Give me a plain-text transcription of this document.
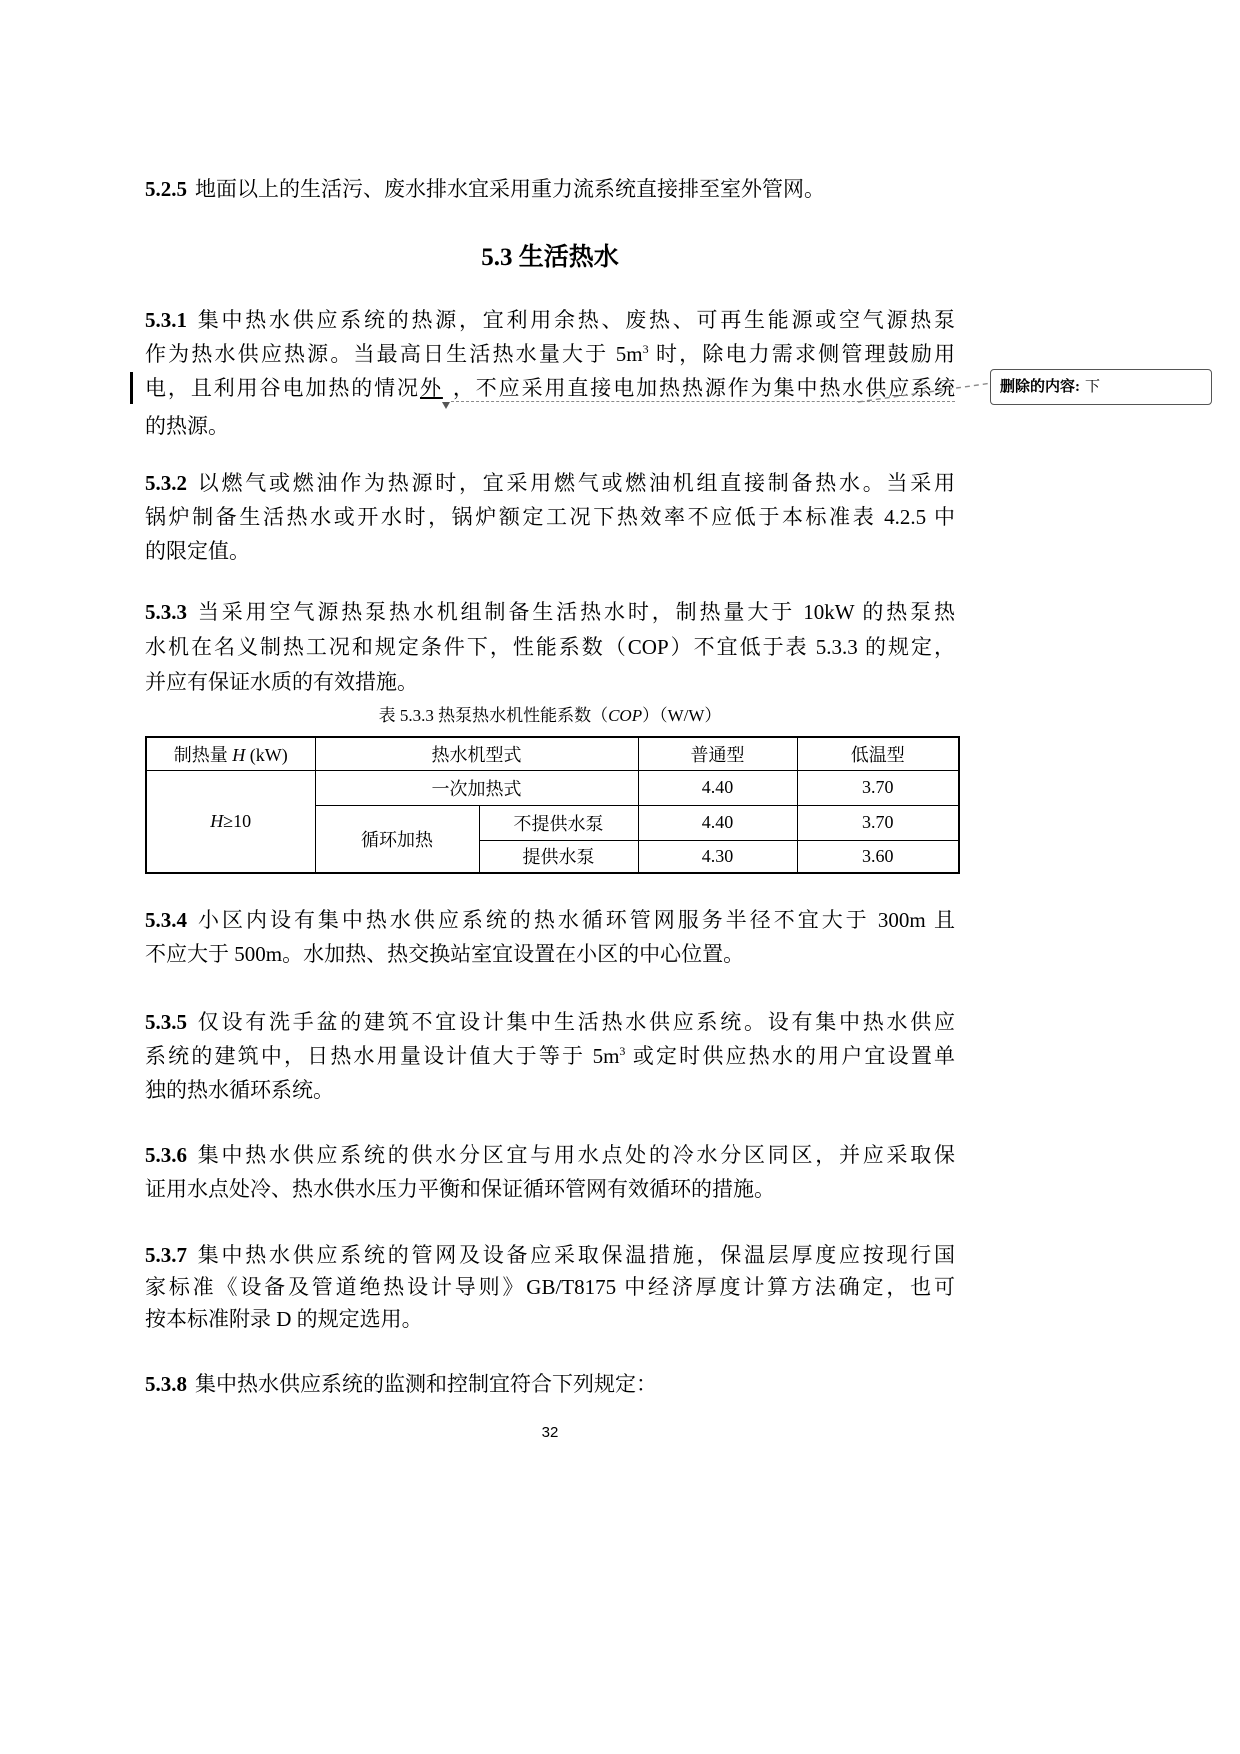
5.2.5 地面以上的生活污、废水排水宜采用重力流系统直接排至室外管网。
5.3 生活热水
5.3.1 集中热水供应系统的热源，宜利用余热、废热、可再生能源或空气源热泵
作为热水供应热源。当最高日生活热水量大于 $5m^3$ 时，除电力需求侧管理鼓励用
电，且利用谷电加热的情况外 ，不应采用直接电加热热源作为集中热水供应系统
的热源。
删除的内容: 下
5.3.2 以燃气或燃油作为热源时，宜采用燃气或燃油机组直接制备热水。当采用
锅炉制备生活热水或开水时，锅炉额定工况下热效率不应低于本标准表 4.2.5 中
的限定值。
5.3.3 当采用空气源热泵热水机组制备生活热水时，制热量大于 10kW 的热泵热
水机在名义制热工况和规定条件下，性能系数（COP）不宜低于表 5.3.3 的规定，
并应有保证水质的有效措施。
表 5.3.3 热泵热水机性能系数（COP）（W/W）
制热量 H (kW)	热水机型式		普通型	低温型
H≥10	一次加热式		4.40	3.70
	循环加热	不提供水泵	4.40	3.70
		提供水泵	4.30	3.60
5.3.4 小区内设有集中热水供应系统的热水循环管网服务半径不宜大于 300m 且
不应大于 500m。水加热、热交换站室宜设置在小区的中心位置。
5.3.5 仅设有洗手盆的建筑不宜设计集中生活热水供应系统。设有集中热水供应
系统的建筑中，日热水用量设计值大于等于 $5m^3$ 或定时供应热水的用户宜设置单
独的热水循环系统。
5.3.6 集中热水供应系统的供水分区宜与用水点处的冷水分区同区，并应采取保
证用水点处冷、热水供水压力平衡和保证循环管网有效循环的措施。
5.3.7 集中热水供应系统的管网及设备应采取保温措施，保温层厚度应按现行国
家标准《设备及管道绝热设计导则》GB/T8175 中经济厚度计算方法确定，也可
按本标准附录 D 的规定选用。
5.3.8 集中热水供应系统的监测和控制宜符合下列规定：
32
